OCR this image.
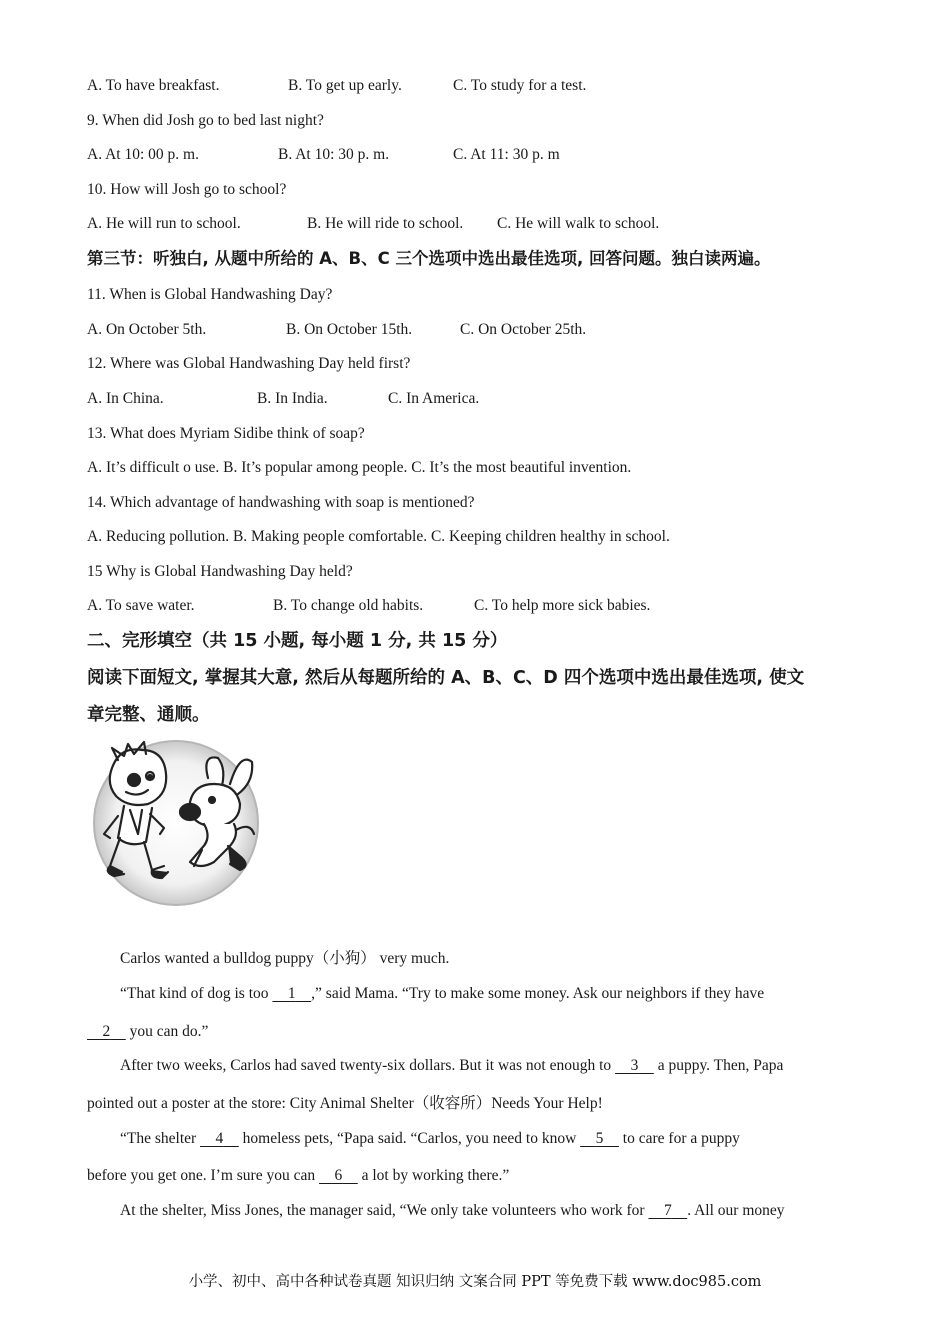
A. To have breakfast.	B. To get up early.	C. To study for a test.
9. When did Josh go to bed last night?
A. At 10: 00 p. m.	B. At 10: 30 p. m.	C. At 11: 30 p. m
10. How will Josh go to school?
A. He will run to school.	B. He will ride to school. C. He will walk to school.
第三节：听独白, 从题中所给的 A、B、C 三个选项中选出最佳选项, 回答问题。独白读两遍。
11. When is Global Handwashing Day?
A. On October 5th.	B. On October 15th.	C. On October 25th.
12. Where was Global Handwashing Day held first?
A. In China.	B. In India.	C. In America.
13. What does Myriam Sidibe think of soap?
A. It’s difficult o use. B. It’s popular among people. C. It’s the most beautiful invention.
14. Which advantage of handwashing with soap is mentioned?
A. Reducing pollution. B. Making people comfortable. C. Keeping children healthy in school.
15 Why is Global Handwashing Day held?
A. To save water.	B. To change old habits.	C. To help more sick babies.
二、完形填空（共 15 小题, 每小题 1 分, 共 15 分）
阅读下面短文, 掌握其大意, 然后从每题所给的 A、B、C、D 四个选项中选出最佳选项, 使文
章完整、通顺。
Carlos wanted a bulldog puppy（小狗） very much.
“That kind of dog is too     1 ,” said Mama. “Try to make some money. Ask our neighbors if they have
2     you can do.”
After two weeks, Carlos had saved twenty-six dollars. But it was not enough to     3     a puppy. Then, Papa
pointed out a poster at the store: City Animal Shelter（收容所）Needs Your Help!
“The shelter     4     homeless pets, “Papa said. “Carlos, you need to know     5     to care for a puppy
before you get one. I’m sure you can     6     a lot by working there.”
At the shelter, Miss Jones, the manager said, “We only take volunteers who work for     7 . All our money
小学、初中、高中各种试卷真题 知识归纳 文案合同 PPT 等免费下载 www.doc985.com
